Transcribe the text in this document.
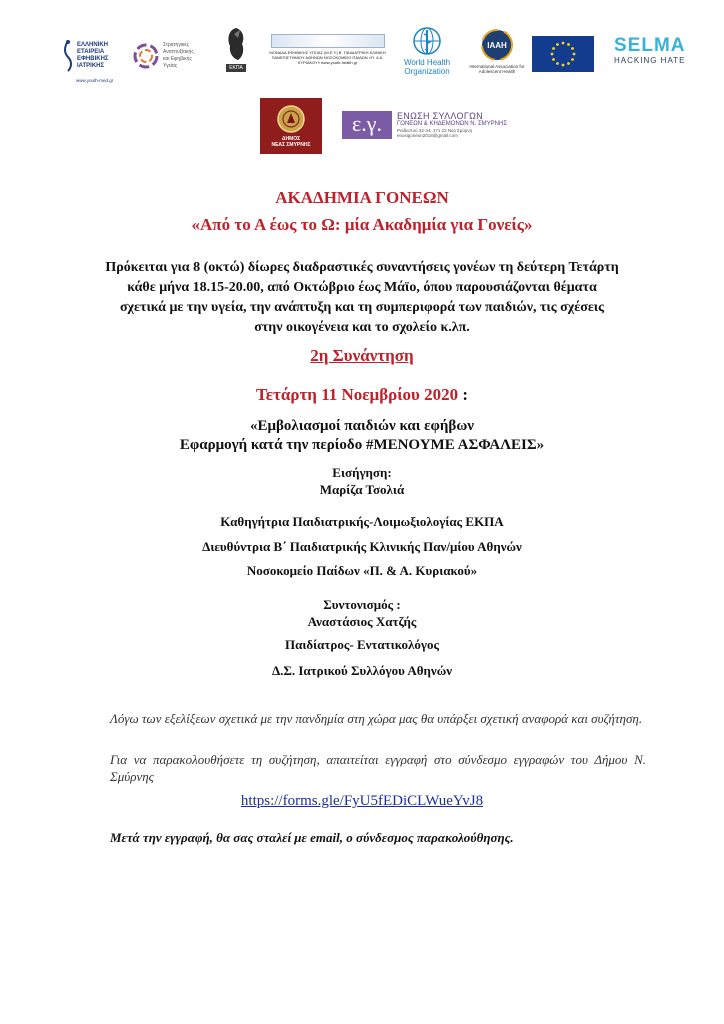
ΕΛΛΗΝΙΚΗ
ΕΤΑΙΡΕΙΑ
ΕΦΗΒΙΚΗΣ
ΙΑΤΡΙΚΗΣ
www.youth-med.gr
Στρατηγικές
Αναπτυξιακής
και Εφηβικής
Υγείας	ΕΚΠΑ
ΜΟΝΑΔΑ ΕΦΗΒΙΚΗΣ ΥΓΕΙΑΣ (Μ.Ε.Υ) Β΄ ΠΑΙΔΙΑΤΡΙΚΗ ΚΛΙΝΙΚΗ ΠΑΝΕΠΙΣΤΗΜΙΟΥ ΑΘΗΝΩΝ ΝΟΣΟΚΟΜΕΙΟ ΠΑΙΔΩΝ «Π. & Α. ΚΥΡΙΑΚΟΥ» www.youth-health.gr	World Health
Organization
IAAH
International Association for
Adolescent Health
SELMA
HACKING HATE
ΔΗΜΟΣ
ΝΕΑΣ ΣΜΥΡΝΗΣ
ε.γ.	ΕΝΩΣΗ ΣΥΛΛΟΓΩΝ
ΓΟΝΕΩΝ & ΚΗΔΕΜΟΝΩΝ Ν. ΣΜΥΡΝΗΣ
Ραιδεστού 32-34, 171 22 Νέα Σμύρνη
enosigoneon2018@gmail.com
ΑΚΑΔΗΜΙΑ ΓΟΝΕΩΝ
«Από το Α έως το Ω: μία Ακαδημία για Γονείς»
Πρόκειται για 8 (οκτώ) δίωρες διαδραστικές συναντήσεις γονέων τη δεύτερη Τετάρτη
κάθε μήνα 18.15-20.00, από Οκτώβριο έως Μάϊο, όπου παρουσιάζονται θέματα
σχετικά με την υγεία, την ανάπτυξη και τη συμπεριφορά των παιδιών, τις σχέσεις
στην οικογένεια και το σχολείο κ.λπ.
2η Συνάντηση
Τετάρτη 11 Νοεμβρίου 2020 :
«Εμβολιασμοί παιδιών και εφήβων
Εφαρμογή κατά την περίοδο #ΜΕΝΟΥΜΕ ΑΣΦΑΛΕΙΣ»
Εισήγηση:
Μαρίζα Τσολιά
Καθηγήτρια Παιδιατρικής-Λοιμωξιολογίας ΕΚΠΑ
Διευθύντρια Β΄ Παιδιατρικής Κλινικής Παν/μίου Αθηνών
Νοσοκομείο Παίδων «Π. & Α. Κυριακού»
Συντονισμός :
Αναστάσιος Χατζής
Παιδίατρος- Εντατικολόγος
Δ.Σ. Ιατρικού Συλλόγου Αθηνών
Λόγω των εξελίξεων σχετικά με την πανδημία στη χώρα μας θα υπάρξει σχετική αναφορά και συζήτηση.
Για να παρακολουθήσετε τη συζήτηση, απαιτείται εγγραφή στο σύνδεσμο εγγραφών του Δήμου Ν. Σμύρνης
https://forms.gle/FyU5fEDiCLWueYvJ8
Μετά την εγγραφή, θα σας σταλεί με email, ο σύνδεσμος παρακολούθησης.
